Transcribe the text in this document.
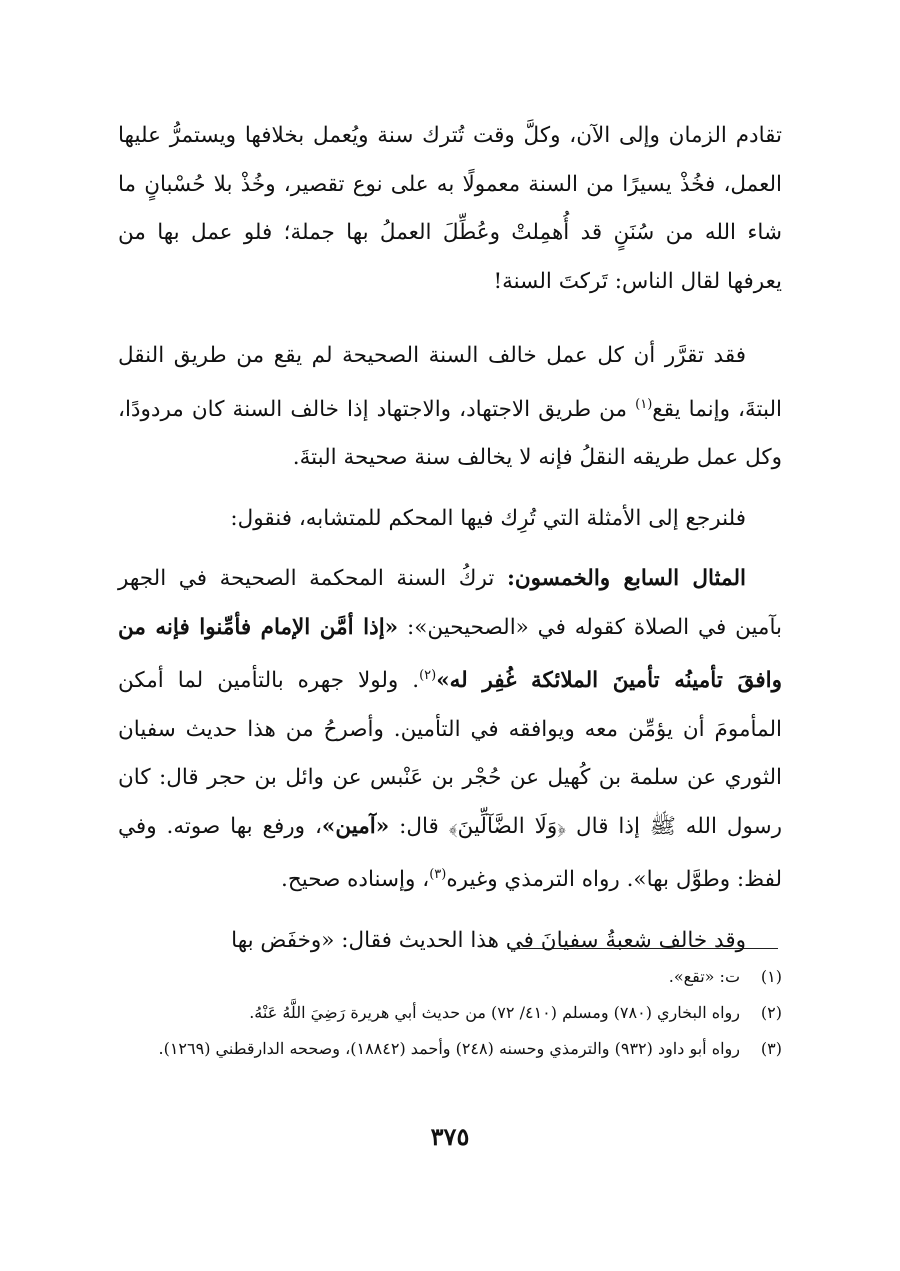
تقادم الزمان وإلى الآن، وكلَّ وقت تُترك سنة ويُعمل بخلافها ويستمرُّ عليها العمل، فخُذْ يسيرًا من السنة معمولًا به على نوع تقصير، وخُذْ بلا حُسْبانٍ ما شاء الله من سُنَنٍ قد أُهمِلتْ وعُطِّلَ العملُ بها جملة؛ فلو عمل بها من يعرفها لقال الناس: تَركتَ السنة!

فقد تقرَّر أن كل عمل خالف السنة الصحيحة لم يقع من طريق النقل البتةَ، وإنما يقع$^{(١)}$ من طريق الاجتهاد، والاجتهاد إذا خالف السنة كان مردودًا، وكل عمل طريقه النقلُ فإنه لا يخالف سنة صحيحة البتةَ.

فلنرجع إلى الأمثلة التي تُرِك فيها المحكم للمتشابه، فنقول:

المثال السابع والخمسون: تركُ السنة المحكمة الصحيحة في الجهر بآمين في الصلاة كقوله في «الصحيحين»: «إذا أمَّن الإمام فأمِّنوا فإنه من وافقَ تأمينُه تأمينَ الملائكة غُفِر له»$^{(٢)}$. ولولا جهره بالتأمين لما أمكن المأمومَ أن يؤمِّن معه ويوافقه في التأمين. وأصرحُ من هذا حديث سفيان الثوري عن سلمة بن كُهيل عن حُجْر بن عَنْبس عن وائل بن حجر قال: كان رسول الله ﷺ إذا قال ﴿وَلَا الضَّآلِّينَ﴾ قال: «آمين»، ورفع بها صوته. وفي لفظ: وطوَّل بها». رواه الترمذي وغيره$^{(٣)}$، وإسناده صحيح.

وقد خالف شعبةُ سفيانَ في هذا الحديث فقال: «وخفَض بها

(١)
ت: «تقع».
(٢)
رواه البخاري (٧٨٠) ومسلم (٤١٠/ ٧٢) من حديث أبي هريرة رَضِيَ اللَّهُ عَنْهُ.
(٣)
رواه أبو داود (٩٣٢) والترمذي وحسنه (٢٤٨) وأحمد (١٨٨٤٢)، وصححه الدارقطني (١٢٦٩).
٣٧٥
